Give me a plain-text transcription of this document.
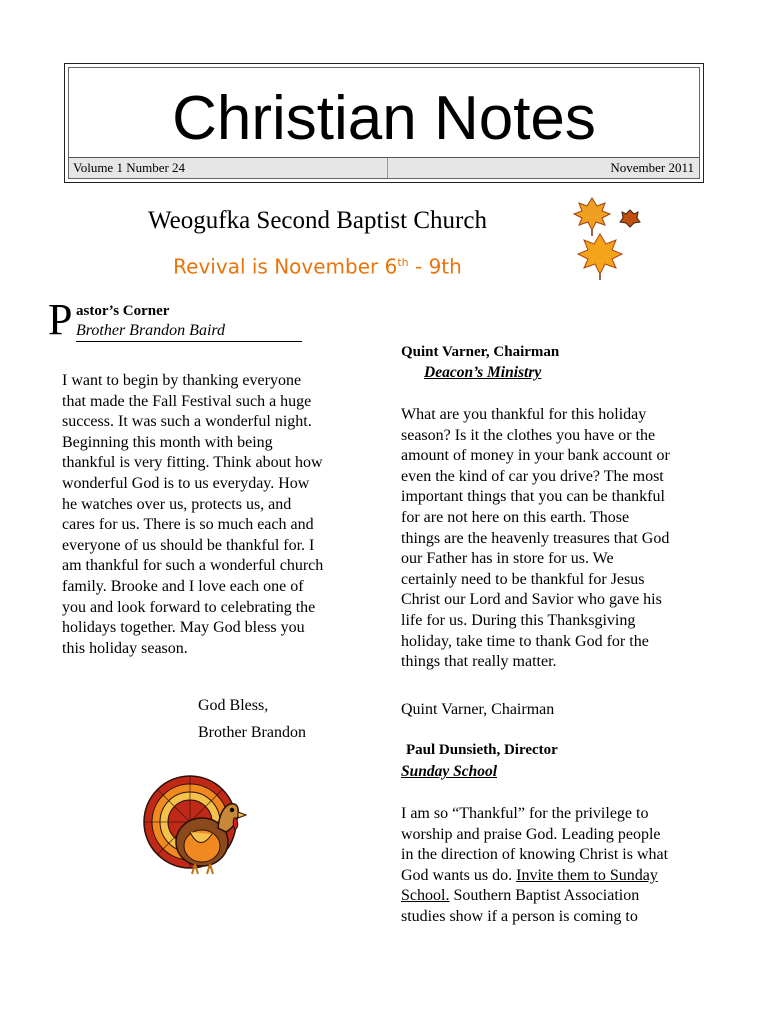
Christian Notes
Volume 1 Number 24	November 2011
Weogufka Second Baptist Church
Revival is November 6th - 9th
P astor’s Corner
Brother Brandon Baird

I want to begin by thanking everyone

that made the Fall Festival such a huge

success. It was such a wonderful night.

Beginning this month with being

thankful is very fitting. Think about how

wonderful God is to us everyday. How

he watches over us, protects us, and

cares for us. There is so much each and

everyone of us should be thankful for. I

am thankful for such a wonderful church

family. Brooke and I love each one of

you and look forward to celebrating the

holidays together. May God bless you

this holiday season.

God Bless,
Brother Brandon
Quint Varner, Chairman
Deacon’s Ministry

What are you thankful for this holiday

season? Is it the clothes you have or the

amount of money in your bank account or

even the kind of car you drive? The most

important things that you can be thankful

for are not here on this earth. Those

things are the heavenly treasures that God

our Father has in store for us. We

certainly need to be thankful for Jesus

Christ our Lord and Savior who gave his

life for us. During this Thanksgiving

holiday, take time to thank God for the

things that really matter.

Quint Varner, Chairman
Paul Dunsieth, Director
Sunday School

I am so “Thankful” for the privilege to

worship and praise God. Leading people

in the direction of knowing Christ is what

God wants us do. Invite them to Sunday

School. Southern Baptist Association

studies show if a person is coming to
